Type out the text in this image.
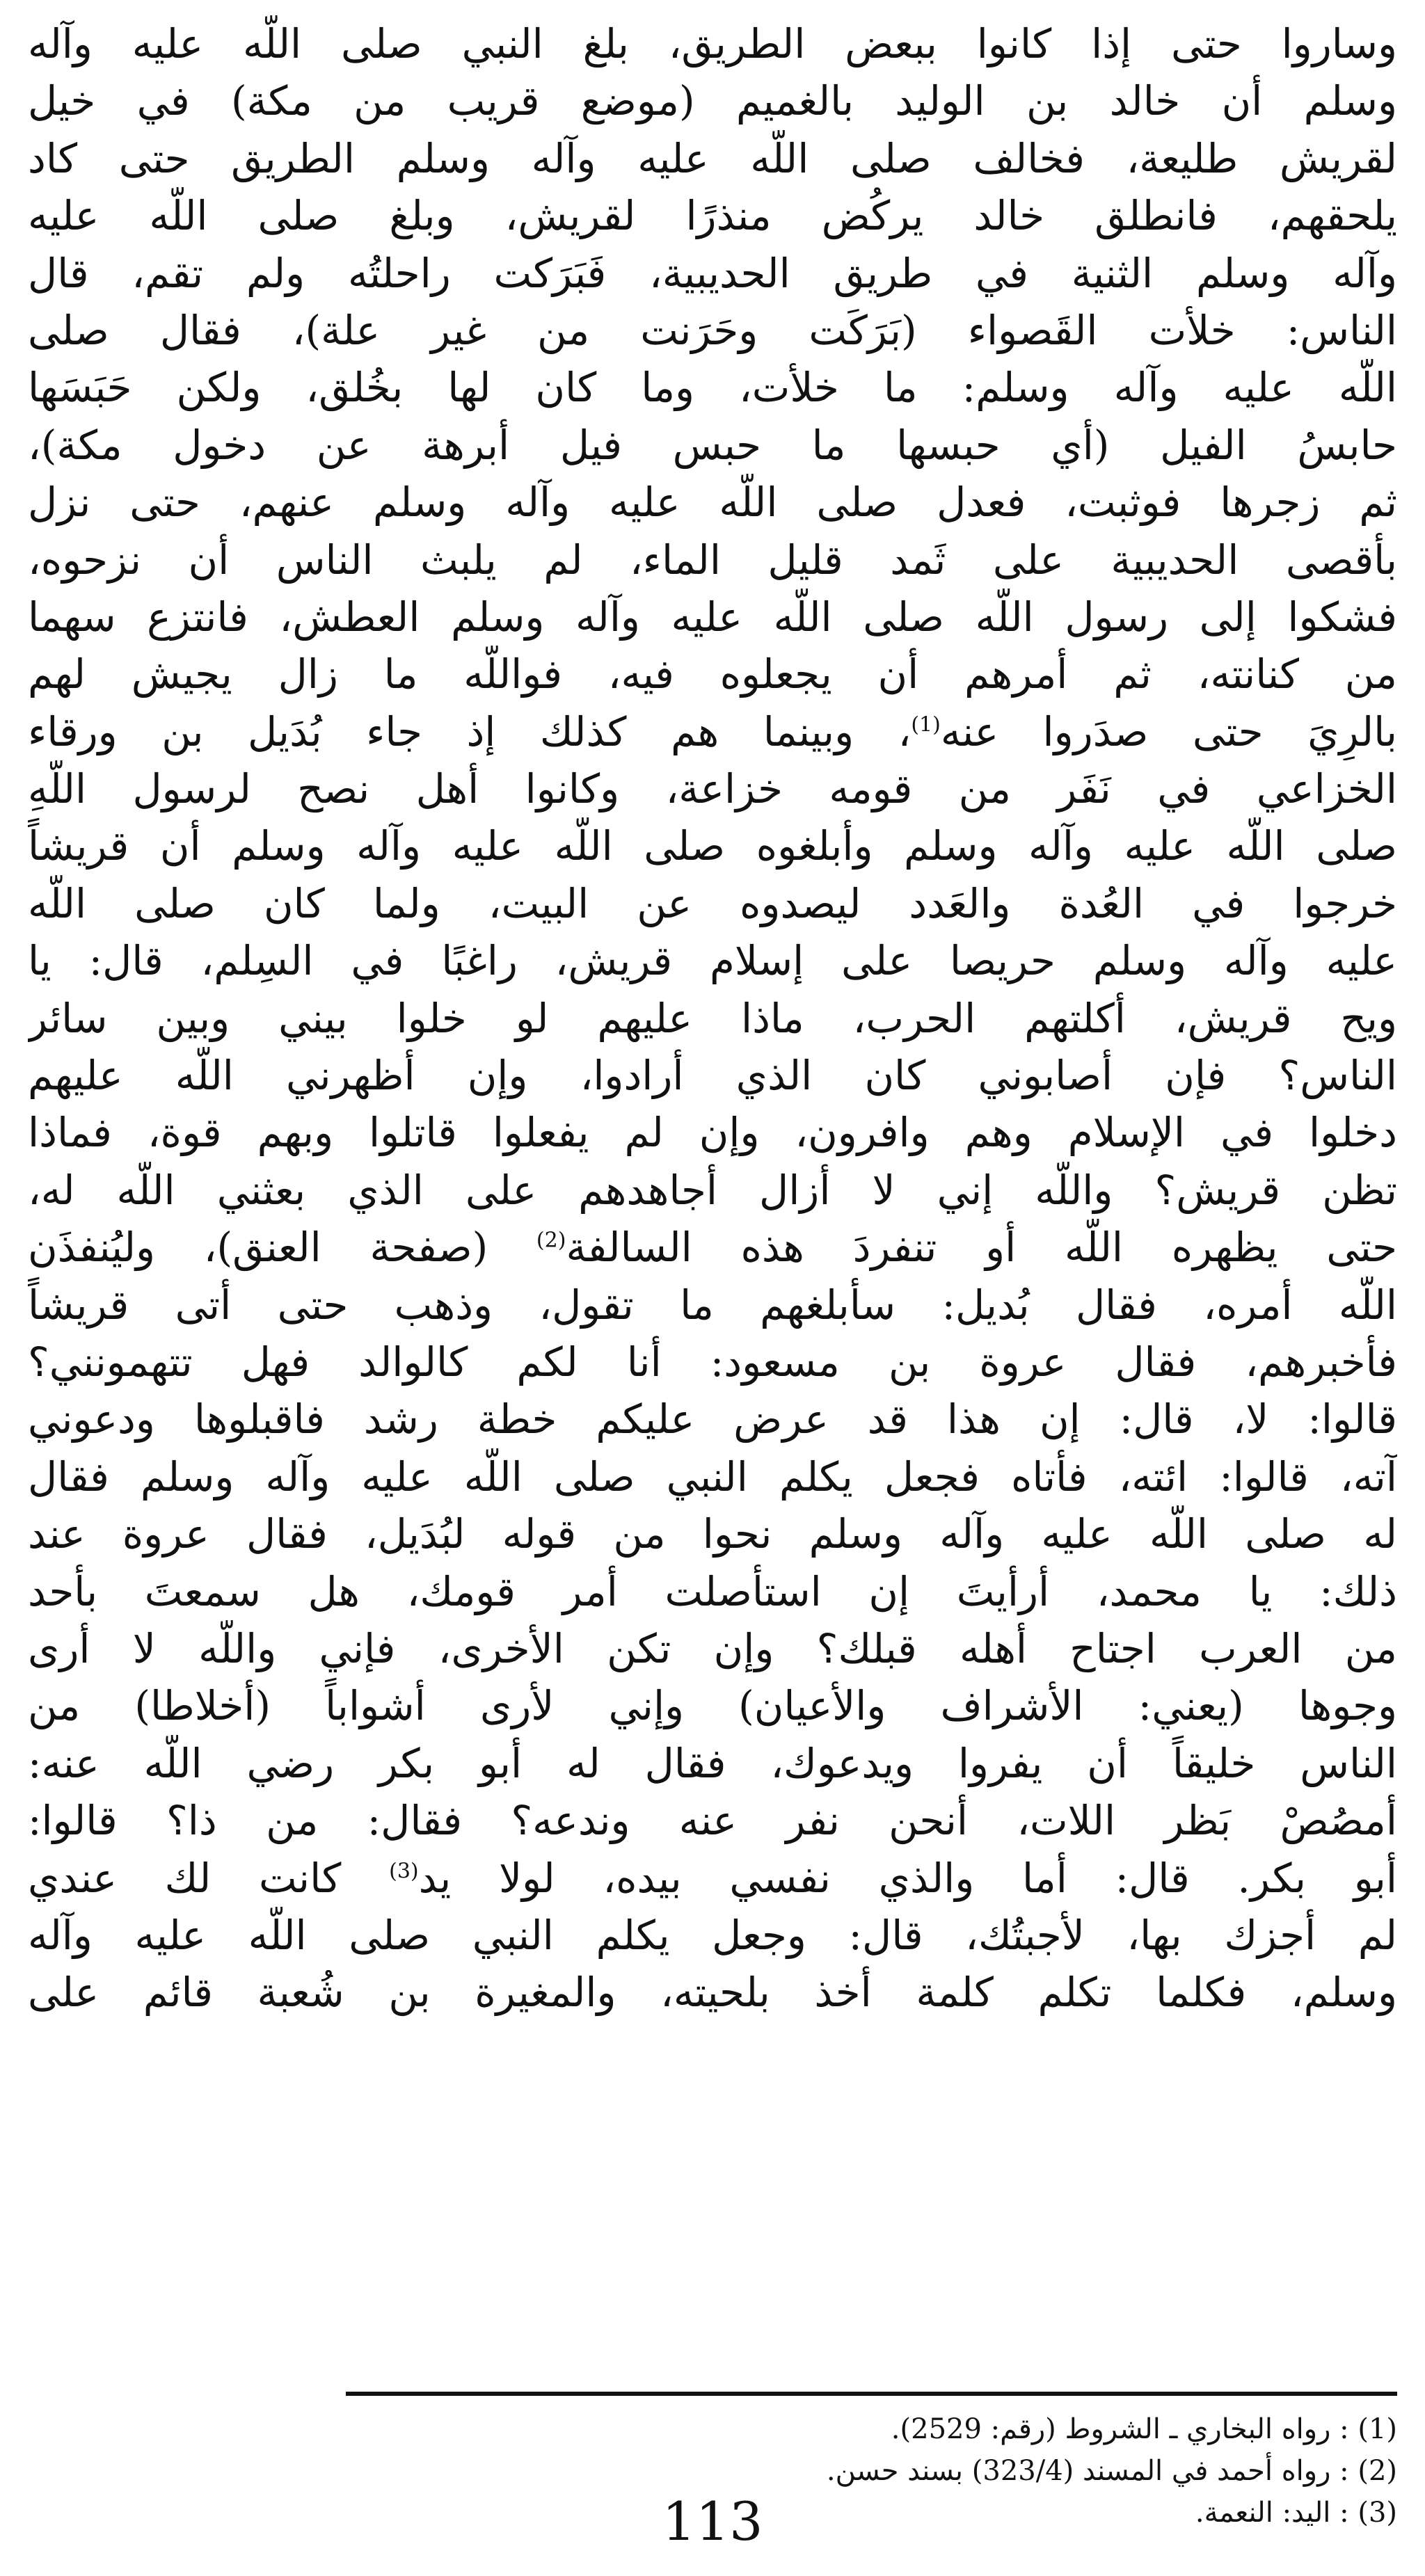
وساروا حتى إذا كانوا ببعض الطريق، بلغ النبي صلى اللّه عليه وآله
وسلم أن خالد بن الوليد بالغميم (موضع قريب من مكة) في خيل
لقريش طليعة، فخالف صلى اللّه عليه وآله وسلم الطريق حتى كاد
يلحقهم، فانطلق خالد يركُض منذرًا لقريش، وبلغ صلى اللّه عليه
وآله وسلم الثنية في طريق الحديبية، فَبَرَكت راحلتُه ولم تقم، قال
الناس: خلأت القَصواء (بَرَكَت وحَرَنت من غير علة)، فقال صلى
اللّه عليه وآله وسلم: ما خلأت، وما كان لها بخُلق، ولكن حَبَسَها
حابسُ الفيل (أي حبسها ما حبس فيل أبرهة عن دخول مكة)،
ثم زجرها فوثبت، فعدل صلى اللّه عليه وآله وسلم عنهم، حتى نزل
بأقصى الحديبية على ثَمد قليل الماء، لم يلبث الناس أن نزحوه،
فشكوا إلى رسول اللّه صلى اللّه عليه وآله وسلم العطش، فانتزع سهما
من كنانته، ثم أمرهم أن يجعلوه فيه، فواللّه ما زال يجيش لهم
بالرِيَ حتى صدَروا عنه$^{(1)}$، وبينما هم كذلك إذ جاء بُدَيل بن ورقاء
الخزاعي في نَفَر من قومه خزاعة، وكانوا أهل نصح لرسول اللّهِ
صلى اللّه عليه وآله وسلم وأبلغوه صلى اللّه عليه وآله وسلم أن قريشاً
خرجوا في العُدة والعَدد ليصدوه عن البيت، ولما كان صلى اللّه
عليه وآله وسلم حريصا على إسلام قريش، راغبًا في السِلم، قال: يا
ويح قريش، أكلتهم الحرب، ماذا عليهم لو خلوا بيني وبين سائر
الناس؟ فإن أصابوني كان الذي أرادوا، وإن أظهرني اللّه عليهم
دخلوا في الإسلام وهم وافرون، وإن لم يفعلوا قاتلوا وبهم قوة، فماذا
تظن قريش؟ واللّه إني لا أزال أجاهدهم على الذي بعثني اللّه له،
حتى يظهره اللّه أو تنفردَ هذه السالفة$^{(2)}$ (صفحة العنق)، وليُنفذَن
اللّه أمره، فقال بُديل: سأبلغهم ما تقول، وذهب حتى أتى قريشاً
فأخبرهم، فقال عروة بن مسعود: أنا لكم كالوالد فهل تتهمونني؟
قالوا: لا، قال: إن هذا قد عرض عليكم خطة رشد فاقبلوها ودعوني
آته، قالوا: ائته، فأتاه فجعل يكلم النبي صلى اللّه عليه وآله وسلم فقال
له صلى اللّه عليه وآله وسلم نحوا من قوله لبُدَيل، فقال عروة عند
ذلك: يا محمد، أرأيتَ إن استأصلت أمر قومك، هل سمعتَ بأحد
من العرب اجتاح أهله قبلك؟ وإن تكن الأخرى، فإني واللّه لا أرى
وجوها (يعني: الأشراف والأعيان) وإني لأرى أشواباً (أخلاطا) من
الناس خليقاً أن يفروا ويدعوك، فقال له أبو بكر رضي اللّه عنه:
أمصُصْ بَظر اللات، أنحن نفر عنه وندعه؟ فقال: من ذا؟ قالوا:
أبو بكر. قال: أما والذي نفسي بيده، لولا يد$^{(3)}$ كانت لك عندي
لم أجزك بها، لأجبتُك، قال: وجعل يكلم النبي صلى اللّه عليه وآله
وسلم، فكلما تكلم كلمة أخذ بلحيته، والمغيرة بن شُعبة قائم على
(1) : رواه البخاري ـ الشروط (رقم: 2529).
(2) : رواه أحمد في المسند (323/4) بسند حسن.
(3) : اليد: النعمة.
113
